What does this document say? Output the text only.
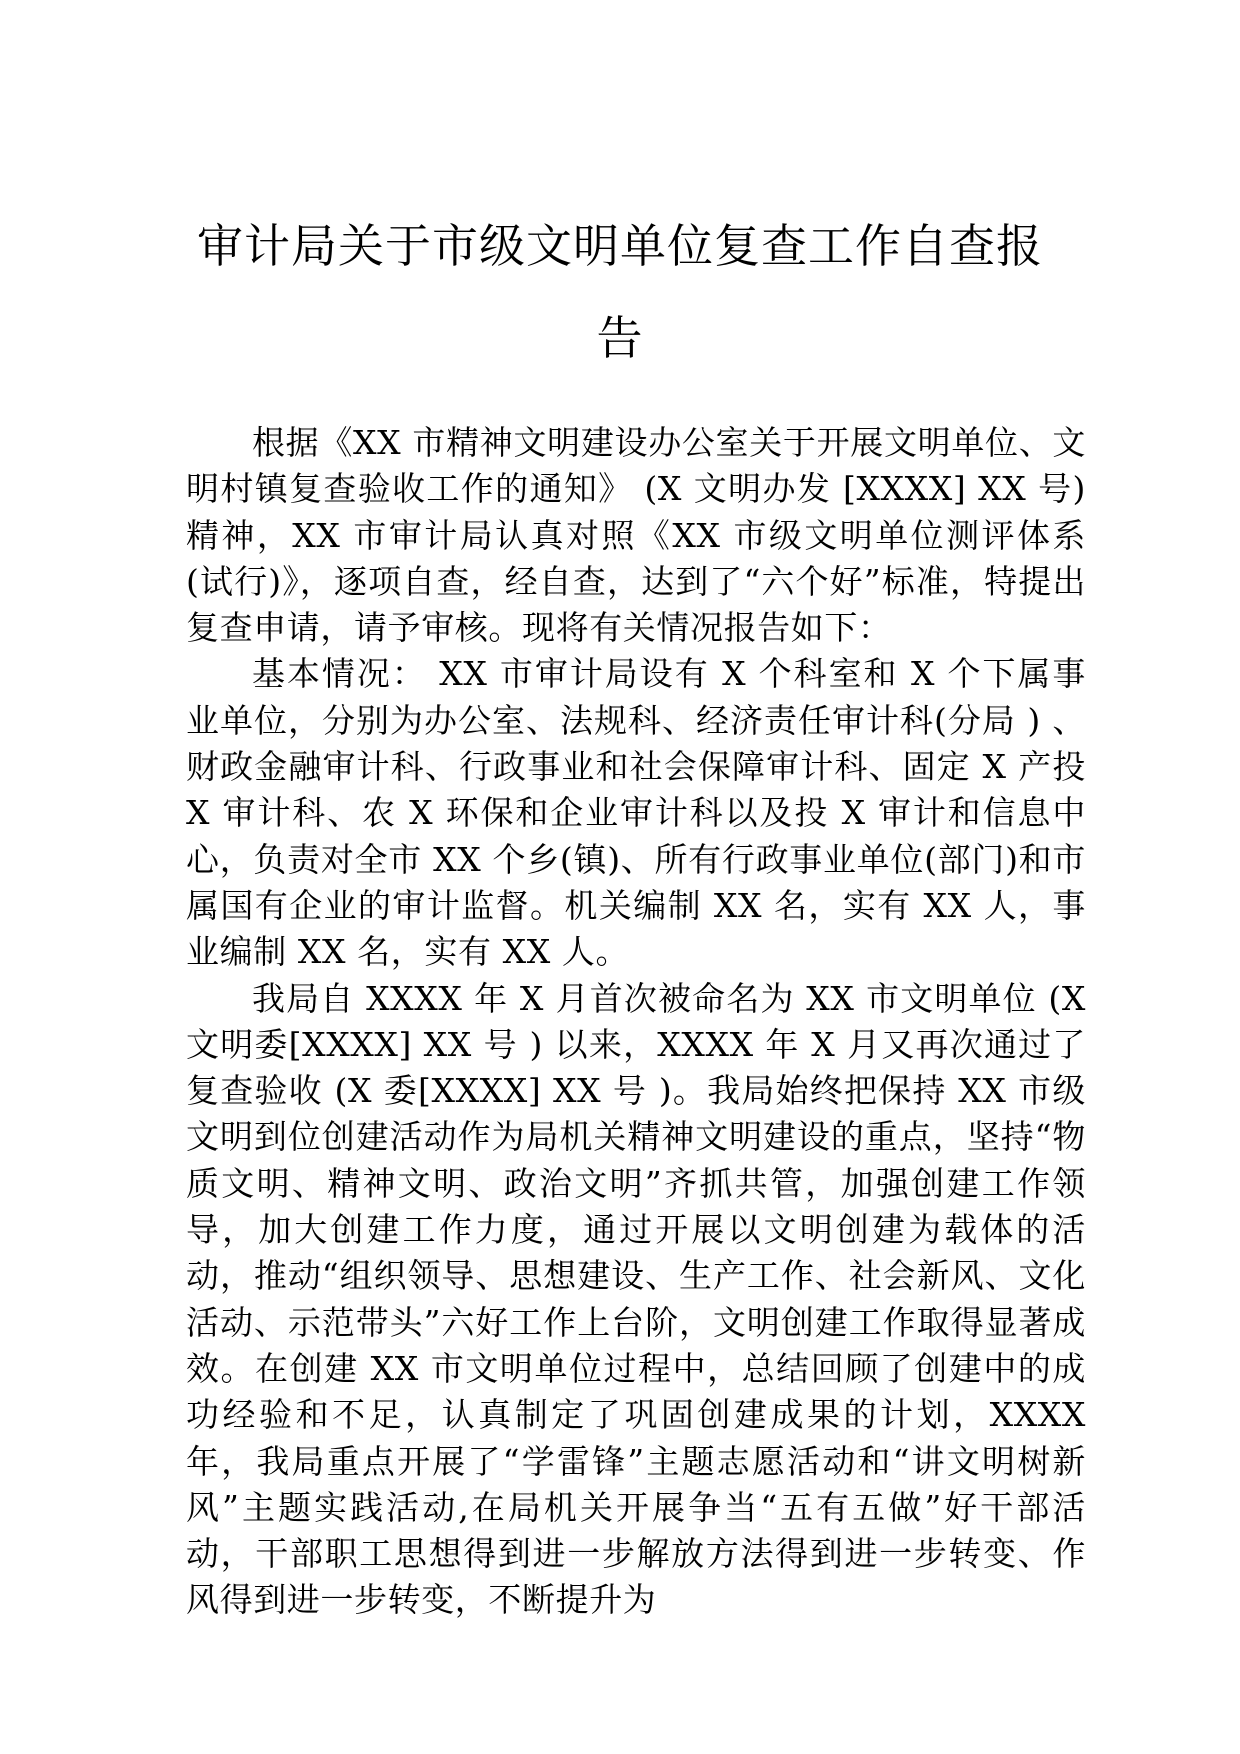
审计局关于市级文明单位复查工作自查报
告

根据《XX 市精神文明建设办公室关于开展文明单位、文明村镇复查验收工作的通知》 (X 文明办发 [XXXX] XX 号) 精神，XX 市审计局认真对照《XX 市级文明单位测评体系(试行)》，逐项自查，经自查，达到了“六个好”标准，特提出复查申请，请予审核。现将有关情况报告如下：

基本情况： XX 市审计局设有 X 个科室和 X 个下属事业单位，分别为办公室、法规科、经济责任审计科(分局 ) 、财政金融审计科、行政事业和社会保障审计科、固定 X 产投 X 审计科、农 X 环保和企业审计科以及投 X 审计和信息中心，负责对全市 XX 个乡(镇)、所有行政事业单位(部门)和市属国有企业的审计监督。机关编制 XX 名，实有 XX 人，事业编制 XX 名，实有 XX 人。

我局自 XXXX 年 X 月首次被命名为 XX 市文明单位 (X 文明委[XXXX] XX 号 ) 以来，XXXX 年 X 月又再次通过了复查验收 (X 委[XXXX] XX 号 )。我局始终把保持 XX 市级文明到位创建活动作为局机关精神文明建设的重点，坚持“物质文明、精神文明、政治文明”齐抓共管，加强创建工作领导，加大创建工作力度，通过开展以文明创建为载体的活动，推动“组织领导、思想建设、生产工作、社会新风、文化活动、示范带头”六好工作上台阶，文明创建工作取得显著成效。在创建 XX 市文明单位过程中，总结回顾了创建中的成功经验和不足，认真制定了巩固创建成果的计划，XXXX 年，我局重点开展了“学雷锋”主题志愿活动和“讲文明树新风”主题实践活动,在局机关开展争当“五有五做”好干部活动，干部职工思想得到进一步解放方法得到进一步转变、作风得到进一步转变，不断提升为
